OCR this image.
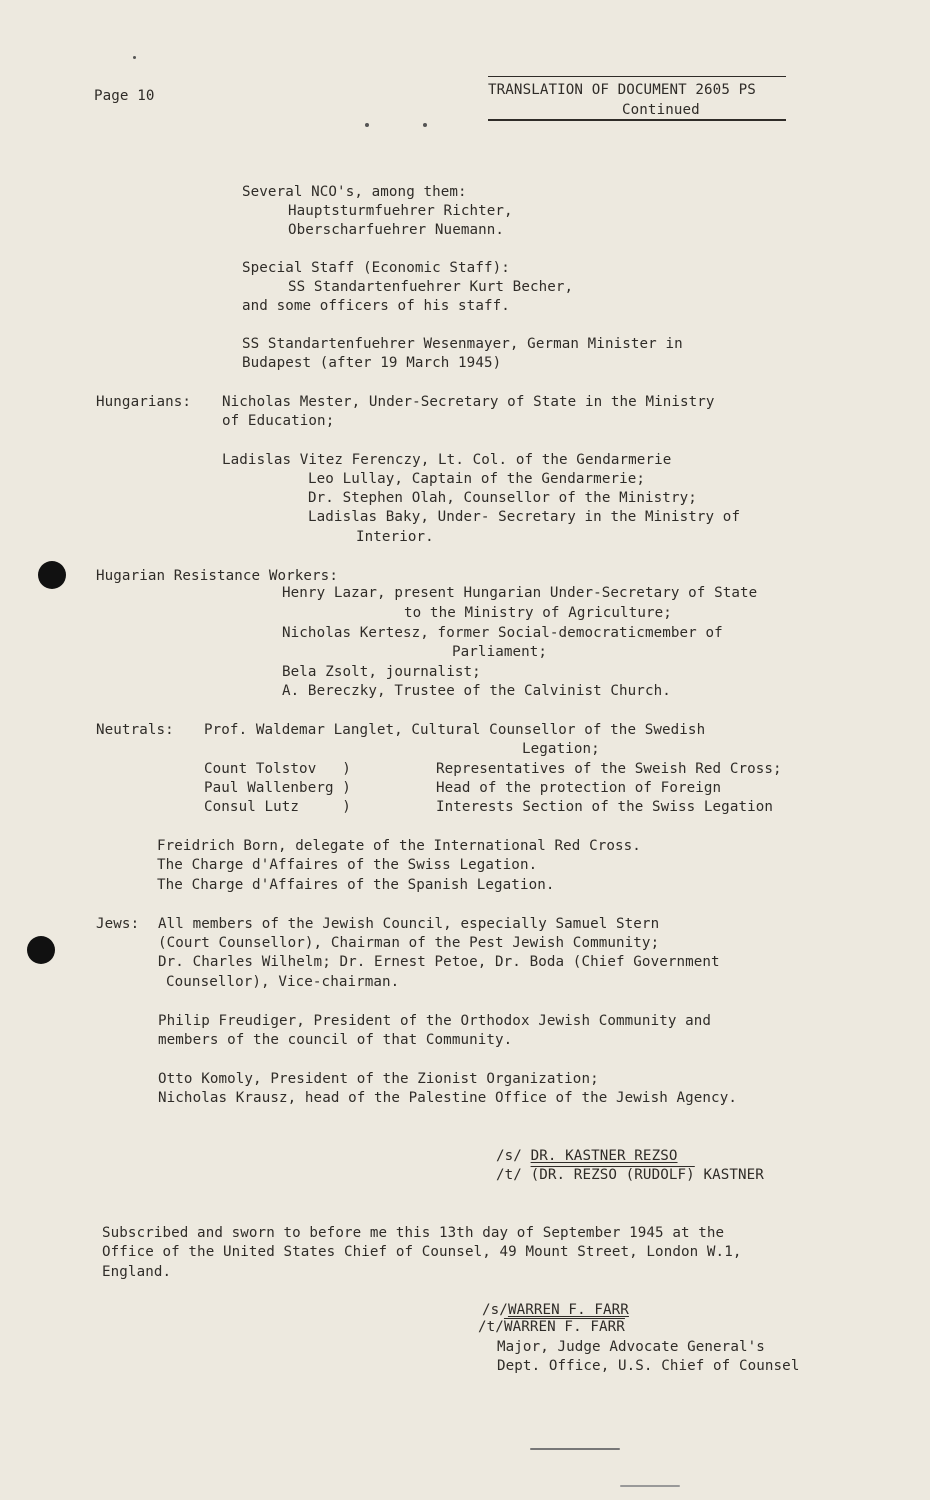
Page 10	TRANSLATION OF DOCUMENT 2605 PS
Continued
Several NCO's, among them:
Hauptsturmfuehrer Richter,
Oberscharfuehrer Nuemann.
Special Staff (Economic Staff):
SS Standartenfuehrer Kurt Becher,
and some officers of his staff.
SS Standartenfuehrer Wesenmayer, German Minister in
Budapest (after 19 March 1945)
Hungarians: Nicholas Mester, Under-Secretary of State in the Ministry
of Education;
Ladislas Vitez Ferenczy, Lt. Col. of the Gendarmerie
Leo Lullay, Captain of the Gendarmerie;
Dr. Stephen Olah, Counsellor of the Ministry;
Ladislas Baky, Under- Secretary in the Ministry of
Interior.
Hugarian Resistance Workers:
Henry Lazar, present Hungarian Under-Secretary of State
to the Ministry of Agriculture;
Nicholas Kertesz, former Social-democraticmember of
Parliament;
Bela Zsolt, journalist;
A. Bereczky, Trustee of the Calvinist Church.
Neutrals: Prof. Waldemar Langlet, Cultural Counsellor of the Swedish
Legation;
Count Tolstov   )
Paul Wallenberg )
Consul Lutz     )
Representatives of the Sweish Red Cross;
Head of the protection of Foreign
Interests Section of the Swiss Legation
Freidrich Born, delegate of the International Red Cross.
The Charge d'Affaires of the Swiss Legation.
The Charge d'Affaires of the Spanish Legation.
Jews: All members of the Jewish Council, especially Samuel Stern
(Court Counsellor), Chairman of the Pest Jewish Community;
Dr. Charles Wilhelm; Dr. Ernest Petoe, Dr. Boda (Chief Government
Counsellor), Vice-chairman.
Philip Freudiger, President of the Orthodox Jewish Community and
members of the council of that Community.
Otto Komoly, President of the Zionist Organization;
Nicholas Krausz, head of the Palestine Office of the Jewish Agency.
/s/ DR. KASTNER REZSO
/t/ (DR. REZSO (RUDOLF) KASTNER
Subscribed and sworn to before me this 13th day of September 1945 at the
Office of the United States Chief of Counsel, 49 Mount Street, London W.1,
England.
/s/WARREN F. FARR
/t/WARREN F. FARR
Major, Judge Advocate General's
Dept. Office, U.S. Chief of Counsel
